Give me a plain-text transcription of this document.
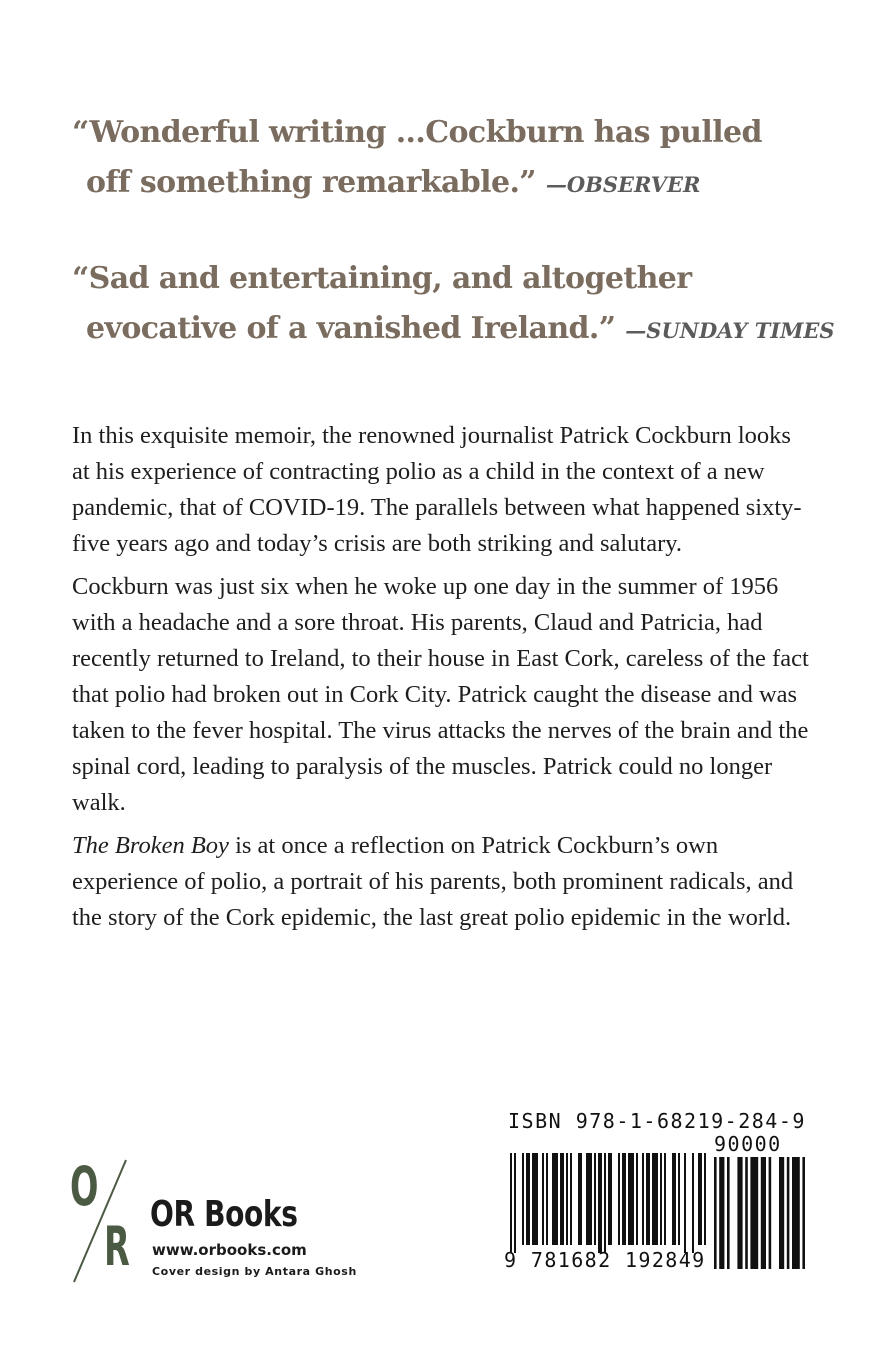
“Wonderful writing ...Cockburn has pulled
off something remarkable.” —OBSERVER
“Sad and entertaining, and altogether
evocative of a vanished Ireland.” —SUNDAY TIMES

In this exquisite memoir, the renowned journalist Patrick Cockburn looks at his experience of contracting polio as a child in the context of a new pandemic, that of COVID-19. The parallels between what happened sixty-five years ago and today’s crisis are both striking and salutary.

Cockburn was just six when he woke up one day in the summer of 1956 with a headache and a sore throat. His parents, Claud and Patricia, had recently returned to Ireland, to their house in East Cork, careless of the fact that polio had broken out in Cork City. Patrick caught the disease and was taken to the fever hospital. The virus attacks the nerves of the brain and the spinal cord, leading to paralysis of the muscles. Patrick could no longer walk.

The Broken Boy is at once a reflection on Patrick Cockburn’s own experience of polio, a portrait of his parents, both prominent radicals, and the story of the Cork epidemic, the last great polio epidemic in the world.

O
R
OR Books
www.orbooks.com
Cover design by Antara Ghosh
ISBN 978-1-68219-284-9
90000
9 781682 192849
